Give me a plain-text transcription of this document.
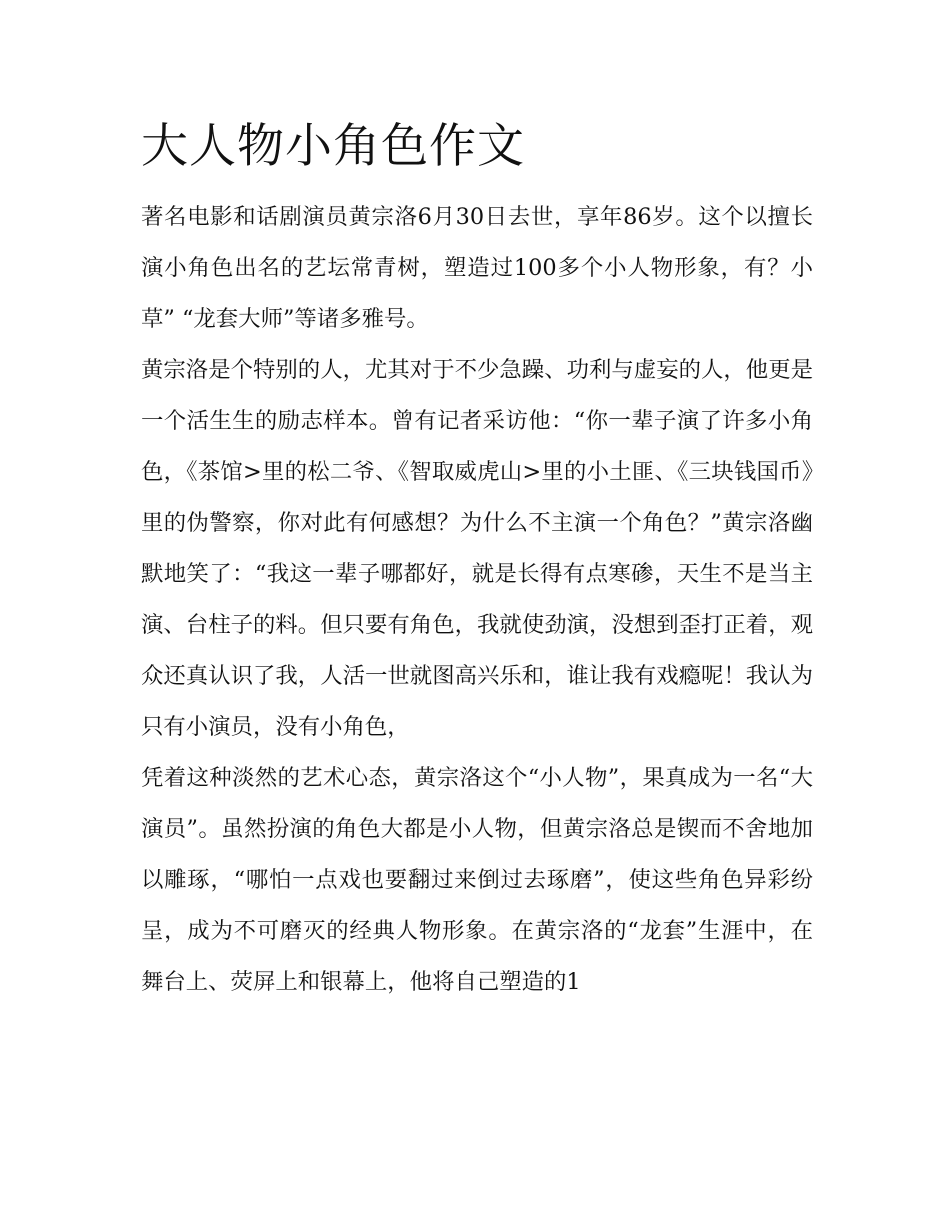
大人物小角色作文

著名电影和话剧演员黄宗洛6月30日去世，享年86岁。这个以擅长演小角色出名的艺坛常青树，塑造过100多个小人物形象，有？小草” “龙套大师”等诸多雅号。

黄宗洛是个特别的人，尤其对于不少急躁、功利与虚妄的人，他更是一个活生生的励志样本。曾有记者采访他：“你一辈子演了许多小角色，《茶馆>里的松二爷、《智取威虎山>里的小土匪、《三块钱国币》里的伪警察，你对此有何感想？为什么不主演一个角色？”黄宗洛幽默地笑了：“我这一辈子哪都好，就是长得有点寒碜，天生不是当主演、台柱子的料。但只要有角色，我就使劲演，没想到歪打正着，观众还真认识了我，人活一世就图高兴乐和，谁让我有戏瘾呢！我认为只有小演员，没有小角色，

凭着这种淡然的艺术心态，黄宗洛这个“小人物”，果真成为一名“大演员”。虽然扮演的角色大都是小人物，但黄宗洛总是锲而不舍地加以雕琢，“哪怕一点戏也要翻过来倒过去琢磨”，使这些角色异彩纷呈，成为不可磨灭的经典人物形象。在黄宗洛的“龙套”生涯中，在舞台上、荧屏上和银幕上，他将自己塑造的1
